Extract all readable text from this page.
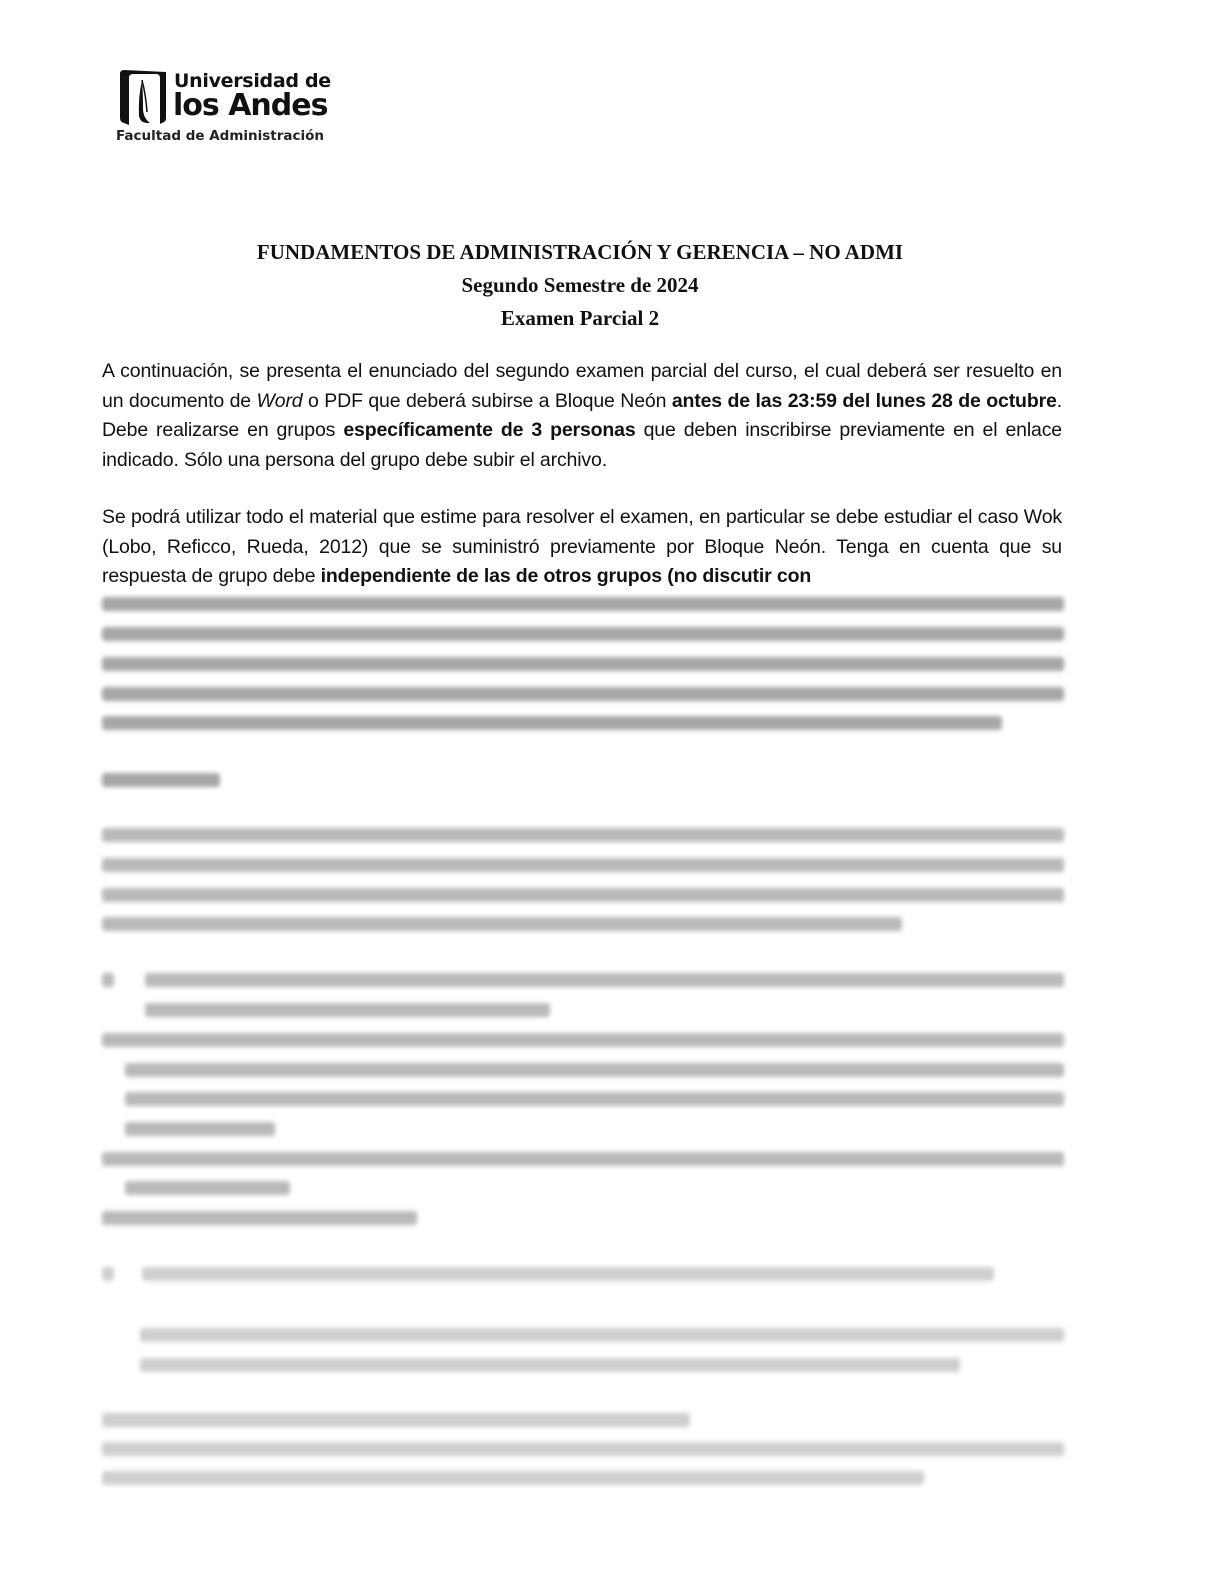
Universidad de
los Andes
Facultad de Administración
FUNDAMENTOS DE ADMINISTRACIÓN Y GERENCIA – NO ADMI
Segundo Semestre de 2024
Examen Parcial 2
A continuación, se presenta el enunciado del segundo examen parcial del curso, el cual deberá ser resuelto en un documento de Word o PDF que deberá subirse a Bloque Neón antes de las 23:59 del lunes 28 de octubre. Debe realizarse en grupos específicamente de 3 personas que deben inscribirse previamente en el enlace indicado. Sólo una persona del grupo debe subir el archivo.
Se podrá utilizar todo el material que estime para resolver el examen, en particular se debe estudiar el caso Wok (Lobo, Reficco, Rueda, 2012) que se suministró previamente por Bloque Neón. Tenga en cuenta que su respuesta de grupo debe independiente de las de otros grupos (no discutir con
